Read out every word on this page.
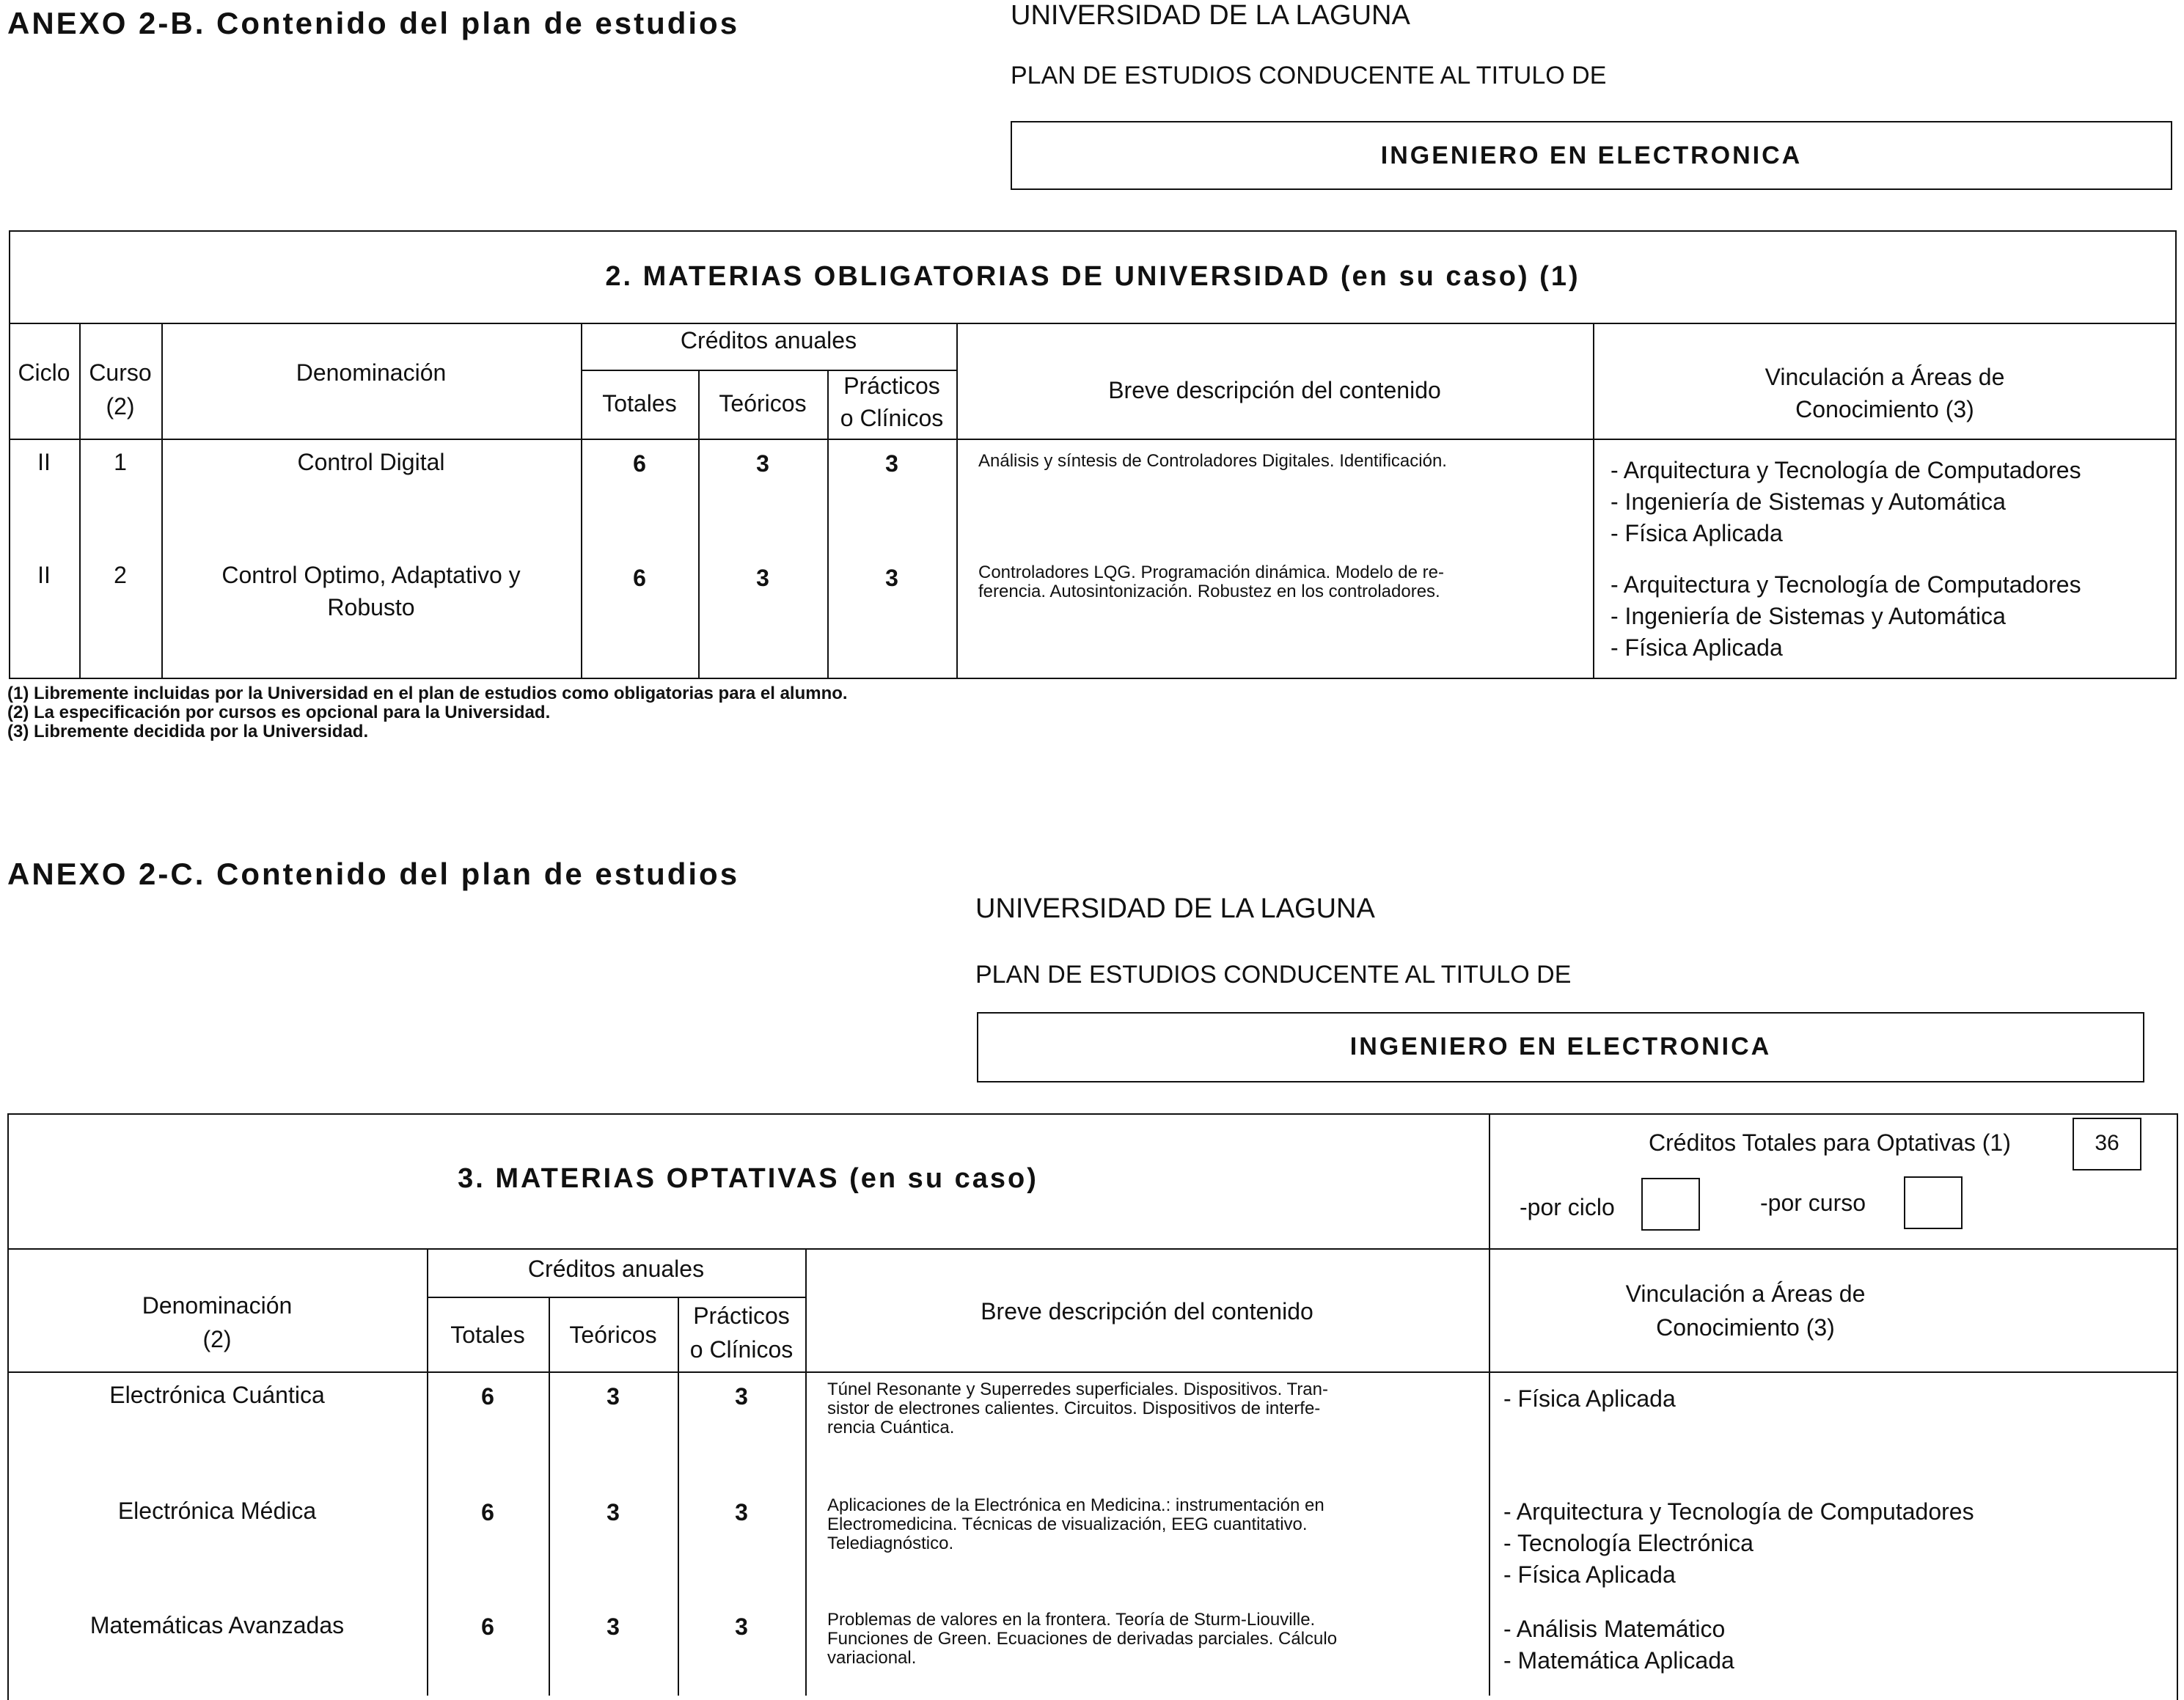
ANEXO 2-B. Contenido del plan de estudios	UNIVERSIDAD DE LA LAGUNA
PLAN DE ESTUDIOS CONDUCENTE AL TITULO DE
INGENIERO EN ELECTRONICA
2. MATERIAS OBLIGATORIAS DE UNIVERSIDAD (en su caso) (1)
Ciclo Curso
(2)
Denominación
Créditos anuales
Totales	Teóricos
Prácticos
o Clínicos
Breve descripción del contenido	Vinculación a Áreas de
Conocimiento (3)
II	1	Control Digital	6	3	3	Análisis y síntesis de Controladores Digitales. Identificación.	- Arquitectura y Tecnología de Computadores
- Ingeniería de Sistemas y Automática
- Física Aplicada
II	2	Control Optimo, Adaptativo y
Robusto
6	3	3	Controladores LQG. Programación dinámica. Modelo de re-
ferencia. Autosintonización. Robustez en los controladores.	- Arquitectura y Tecnología de Computadores
- Ingeniería de Sistemas y Automática
- Física Aplicada
(1) Libremente incluidas por la Universidad en el plan de estudios como obligatorias para el alumno.
(2) La especificación por cursos es opcional para la Universidad.
(3) Libremente decidida por la Universidad.
ANEXO 2-C. Contenido del plan de estudios
UNIVERSIDAD DE LA LAGUNA
PLAN DE ESTUDIOS CONDUCENTE AL TITULO DE
INGENIERO EN ELECTRONICA
3. MATERIAS OPTATIVAS (en su caso)
Créditos Totales para Optativas (1)	36
-por ciclo	-por curso
Denominación
(2)
Créditos anuales
Totales	Teóricos
Prácticos
o Clínicos
Breve descripción del contenido
Vinculación a Áreas de
Conocimiento (3)
Electrónica Cuántica	6	3	3	Túnel Resonante y Superredes superficiales. Dispositivos. Tran-
sistor de electrones calientes. Circuitos. Dispositivos de interfe-
rencia Cuántica.
- Física Aplicada
Electrónica Médica	6	3	3	Aplicaciones de la Electrónica en Medicina.: instrumentación en
Electromedicina. Técnicas de visualización, EEG cuantitativo.
Telediagnóstico.
- Arquitectura y Tecnología de Computadores
- Tecnología Electrónica
- Física Aplicada
Matemáticas Avanzadas	6	3	3	Problemas de valores en la frontera. Teoría de Sturm-Liouville.
Funciones de Green. Ecuaciones de derivadas parciales. Cálculo
variacional.
- Análisis Matemático
- Matemática Aplicada
